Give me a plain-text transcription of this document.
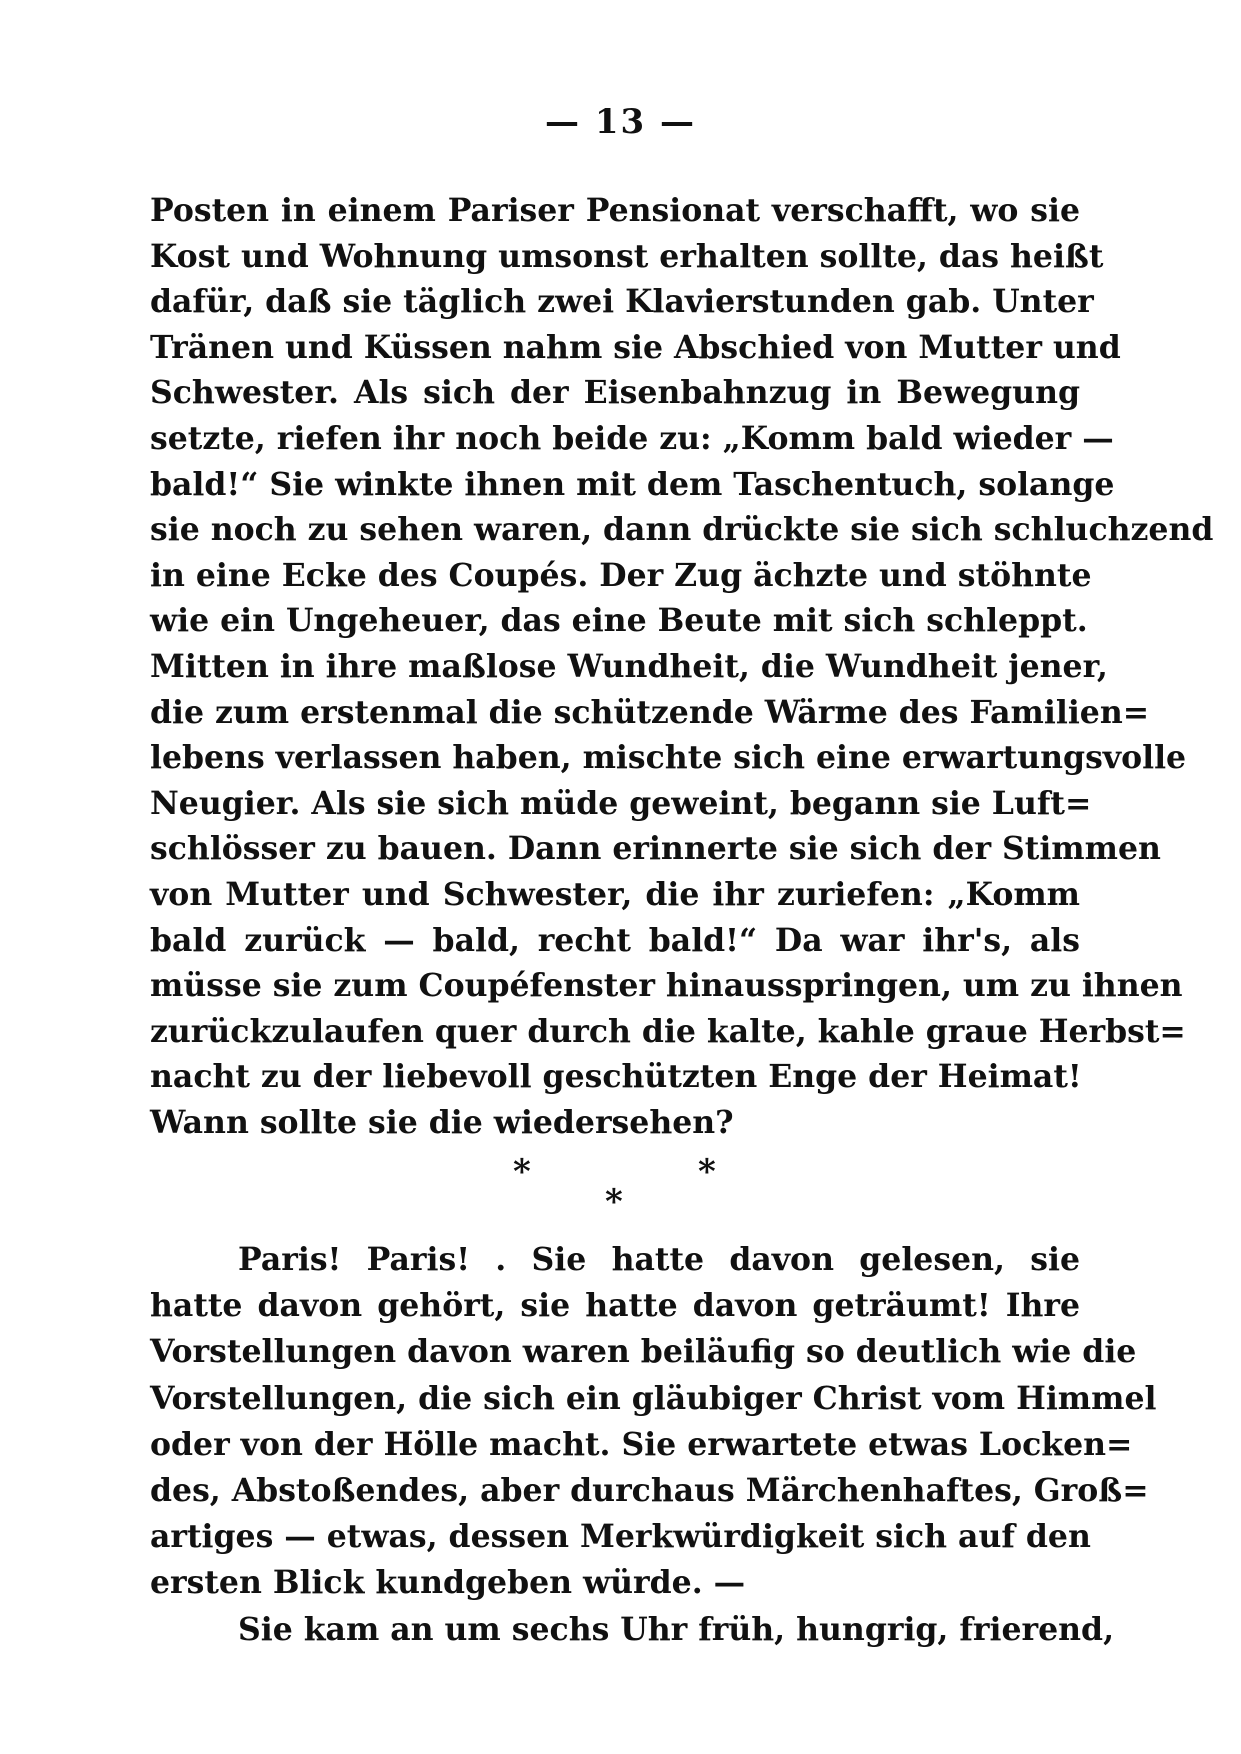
— 13 —
Posten in einem Pariser Pensionat verschafft, wo sie
Kost und Wohnung umsonst erhalten sollte, das heißt
dafür, daß sie täglich zwei Klavierstunden gab. Unter
Tränen und Küssen nahm sie Abschied von Mutter und
Schwester. Als sich der Eisenbahnzug in Bewegung
setzte, riefen ihr noch beide zu: „Komm bald wieder —
bald!“ Sie winkte ihnen mit dem Taschentuch, solange
sie noch zu sehen waren, dann drückte sie sich schluchzend
in eine Ecke des Coupés. Der Zug ächzte und stöhnte
wie ein Ungeheuer, das eine Beute mit sich schleppt.
Mitten in ihre maßlose Wundheit, die Wundheit jener,
die zum erstenmal die schützende Wärme des Familien=
lebens verlassen haben, mischte sich eine erwartungsvolle
Neugier. Als sie sich müde geweint, begann sie Luft=
schlösser zu bauen. Dann erinnerte sie sich der Stimmen
von Mutter und Schwester, die ihr zuriefen: „Komm
bald zurück — bald, recht bald!“ Da war ihr's, als
müsse sie zum Coupéfenster hinausspringen, um zu ihnen
zurückzulaufen quer durch die kalte, kahle graue Herbst=
nacht zu der liebevoll geschützten Enge der Heimat!
Wann sollte sie die wiedersehen?
*	*
*
Paris! Paris! . Sie hatte davon gelesen, sie
hatte davon gehört, sie hatte davon geträumt! Ihre
Vorstellungen davon waren beiläufig so deutlich wie die
Vorstellungen, die sich ein gläubiger Christ vom Himmel
oder von der Hölle macht. Sie erwartete etwas Locken=
des, Abstoßendes, aber durchaus Märchenhaftes, Groß=
artiges — etwas, dessen Merkwürdigkeit sich auf den
ersten Blick kundgeben würde. —
Sie kam an um sechs Uhr früh, hungrig, frierend,
